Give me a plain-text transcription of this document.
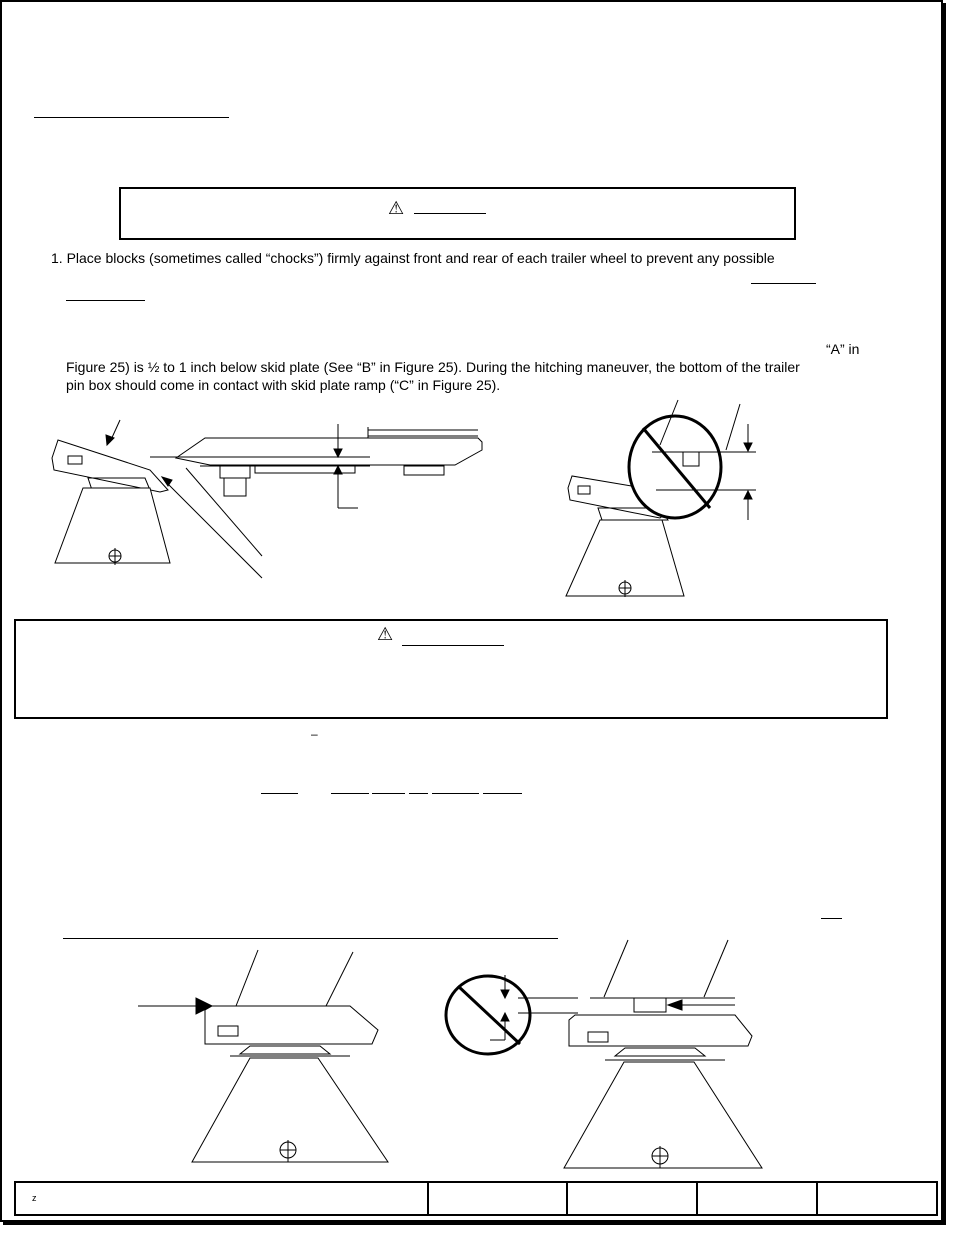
⚠
1. Place blocks (sometimes called “chocks”) firmly against front and rear of each trailer wheel to prevent any possible
“A” in
Figure 25) is ½ to 1 inch below skid plate (See “B” in Figure 25). During the hitching maneuver, the bottom of the trailer
pin box should come in contact with skid plate ramp (“C” in Figure 25).
⚠
–
z
